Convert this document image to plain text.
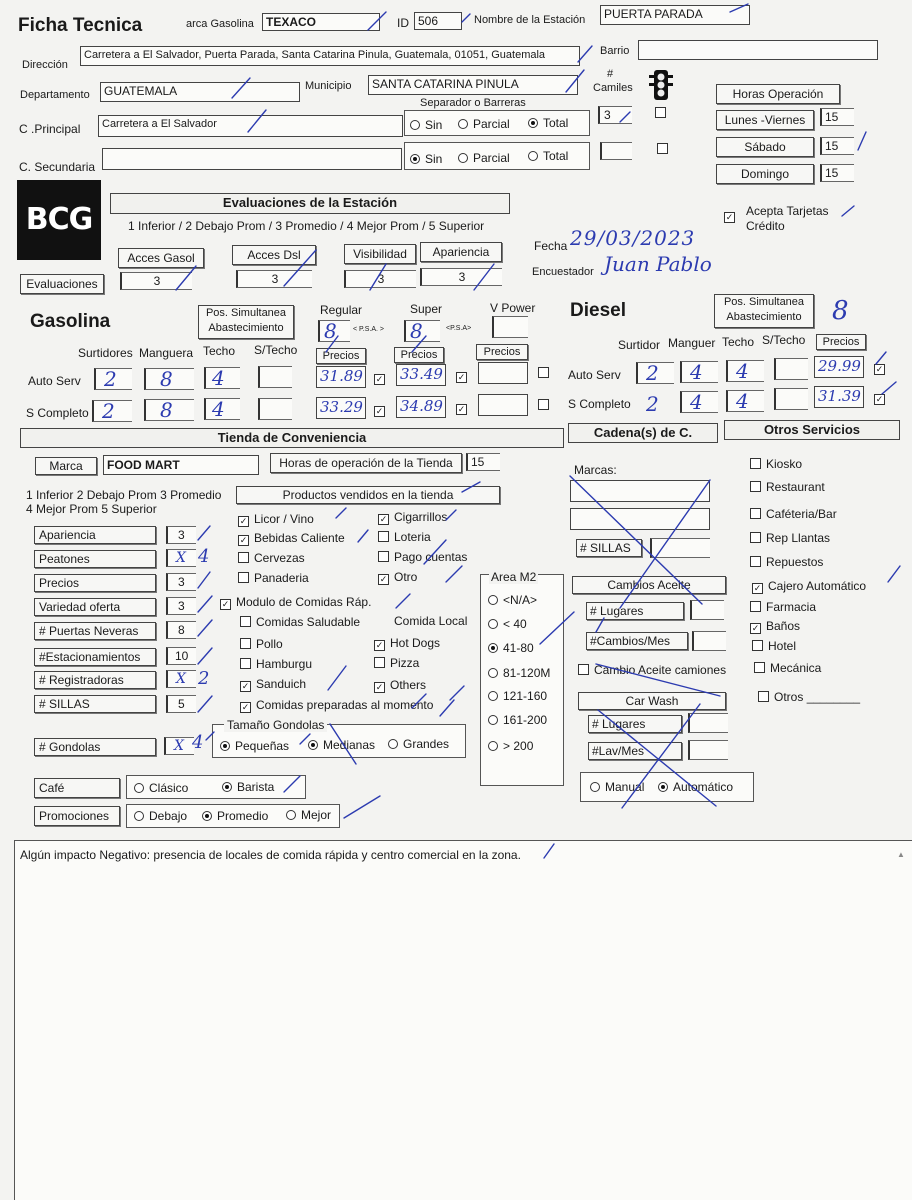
Ficha Tecnica	arca Gasolina	TEXACO	ID 506	Nombre de la Estación	PUERTA PARADA
Dirección
Carretera a El Salvador, Puerta Parada, Santa Catarina Pinula, Guatemala, 01051, Guatemala	Barrio
Departamento	GUATEMALA	Municipio	SANTA CATARINA PINULA
C .Principal	Carretera a El Salvador
C. Secundaria
Separador o Barreras
Sin	Parcial	Total
Sin	Parcial	Total
#
Camiles
3
Horas Operación
Lunes -Viernes	15
Sábado	15
Domingo	15
BCG	Evaluaciones de la Estación
1 Inferior / 2 Debajo Prom / 3 Promedio / 4 Mejor Prom / 5 Superior
Acces Gasol
3
Acces Dsl
3
Visibilidad
3
Apariencia
3
Evaluaciones
✓	Acepta Tarjetas Crédito
Fecha 29/03/2023
Encuestador Juan Pablo
Gasolina	Pos. Simultanea Abastecimiento
Regular	Super	V Power
8	< P.S.A. >	8	<P.S.A>
Surtidores Manguera Techo S/Techo	Precios	Precios	Precios
Auto Serv	2	8	4	31.89	✓	33.49	✓
S Completo 2	8	4	33.29	✓	34.89	✓
Diesel	Pos. Simultanea Abastecimiento	8
Surtidor Manguer Techo S/Techo	Precios
Auto Serv	2	4	4	29.99	✓
S Completo 2	4	4	31.39	✓
Tienda de Conveniencia	Cadena(s) de C.	Otros Servicios
Marca	FOOD MART	Horas de operación de la Tienda	15
1 Inferior 2 Debajo Prom 3 Promedio
4 Mejor Prom 5 Superior
Apariencia	3
Peatones	X 4
Precios	3
Variedad oferta	3
# Puertas Neveras	8
#Estacionamientos	10
# Registradoras	X 2
# SILLAS	5
# Gondolas	X 4
Productos vendidos en la tienda
✓ Licor / Vino
✓ Bebidas Caliente
Cervezas
Panaderia
✓ Cigarrillos
Loteria
Pago cuentas
✓ Otro
✓ Modulo de Comidas Ráp.
Comidas Saludable	Comida Local
Pollo
Hamburgu
✓ Sanduich
✓ Hot Dogs
Pizza
✓ Others
✓ Comidas preparadas al momento
Tamaño Gondolas
Pequeñas	Medianas	Grandes
Café	Clásico	Barista
Promociones	Debajo	Promedio	Mejor
Area M2
<N/A>
< 40
41-80
81-120M
121-160
161-200
> 200
Marcas:
# SILLAS
Cambios Aceite
# Lugares
#Cambios/Mes
Cambio Aceite camiones
Car Wash
# Lugares
#Lav/Mes
Manual	Automático
Kiosko
Restaurant
Caféteria/Bar
Rep Llantas
Repuestos
✓ Cajero Automático
Farmacia
✓ Baños
Hotel
Mecánica
Otros ________
Algún impacto Negativo: presencia de locales de comida rápida y centro comercial en la zona.	▲
